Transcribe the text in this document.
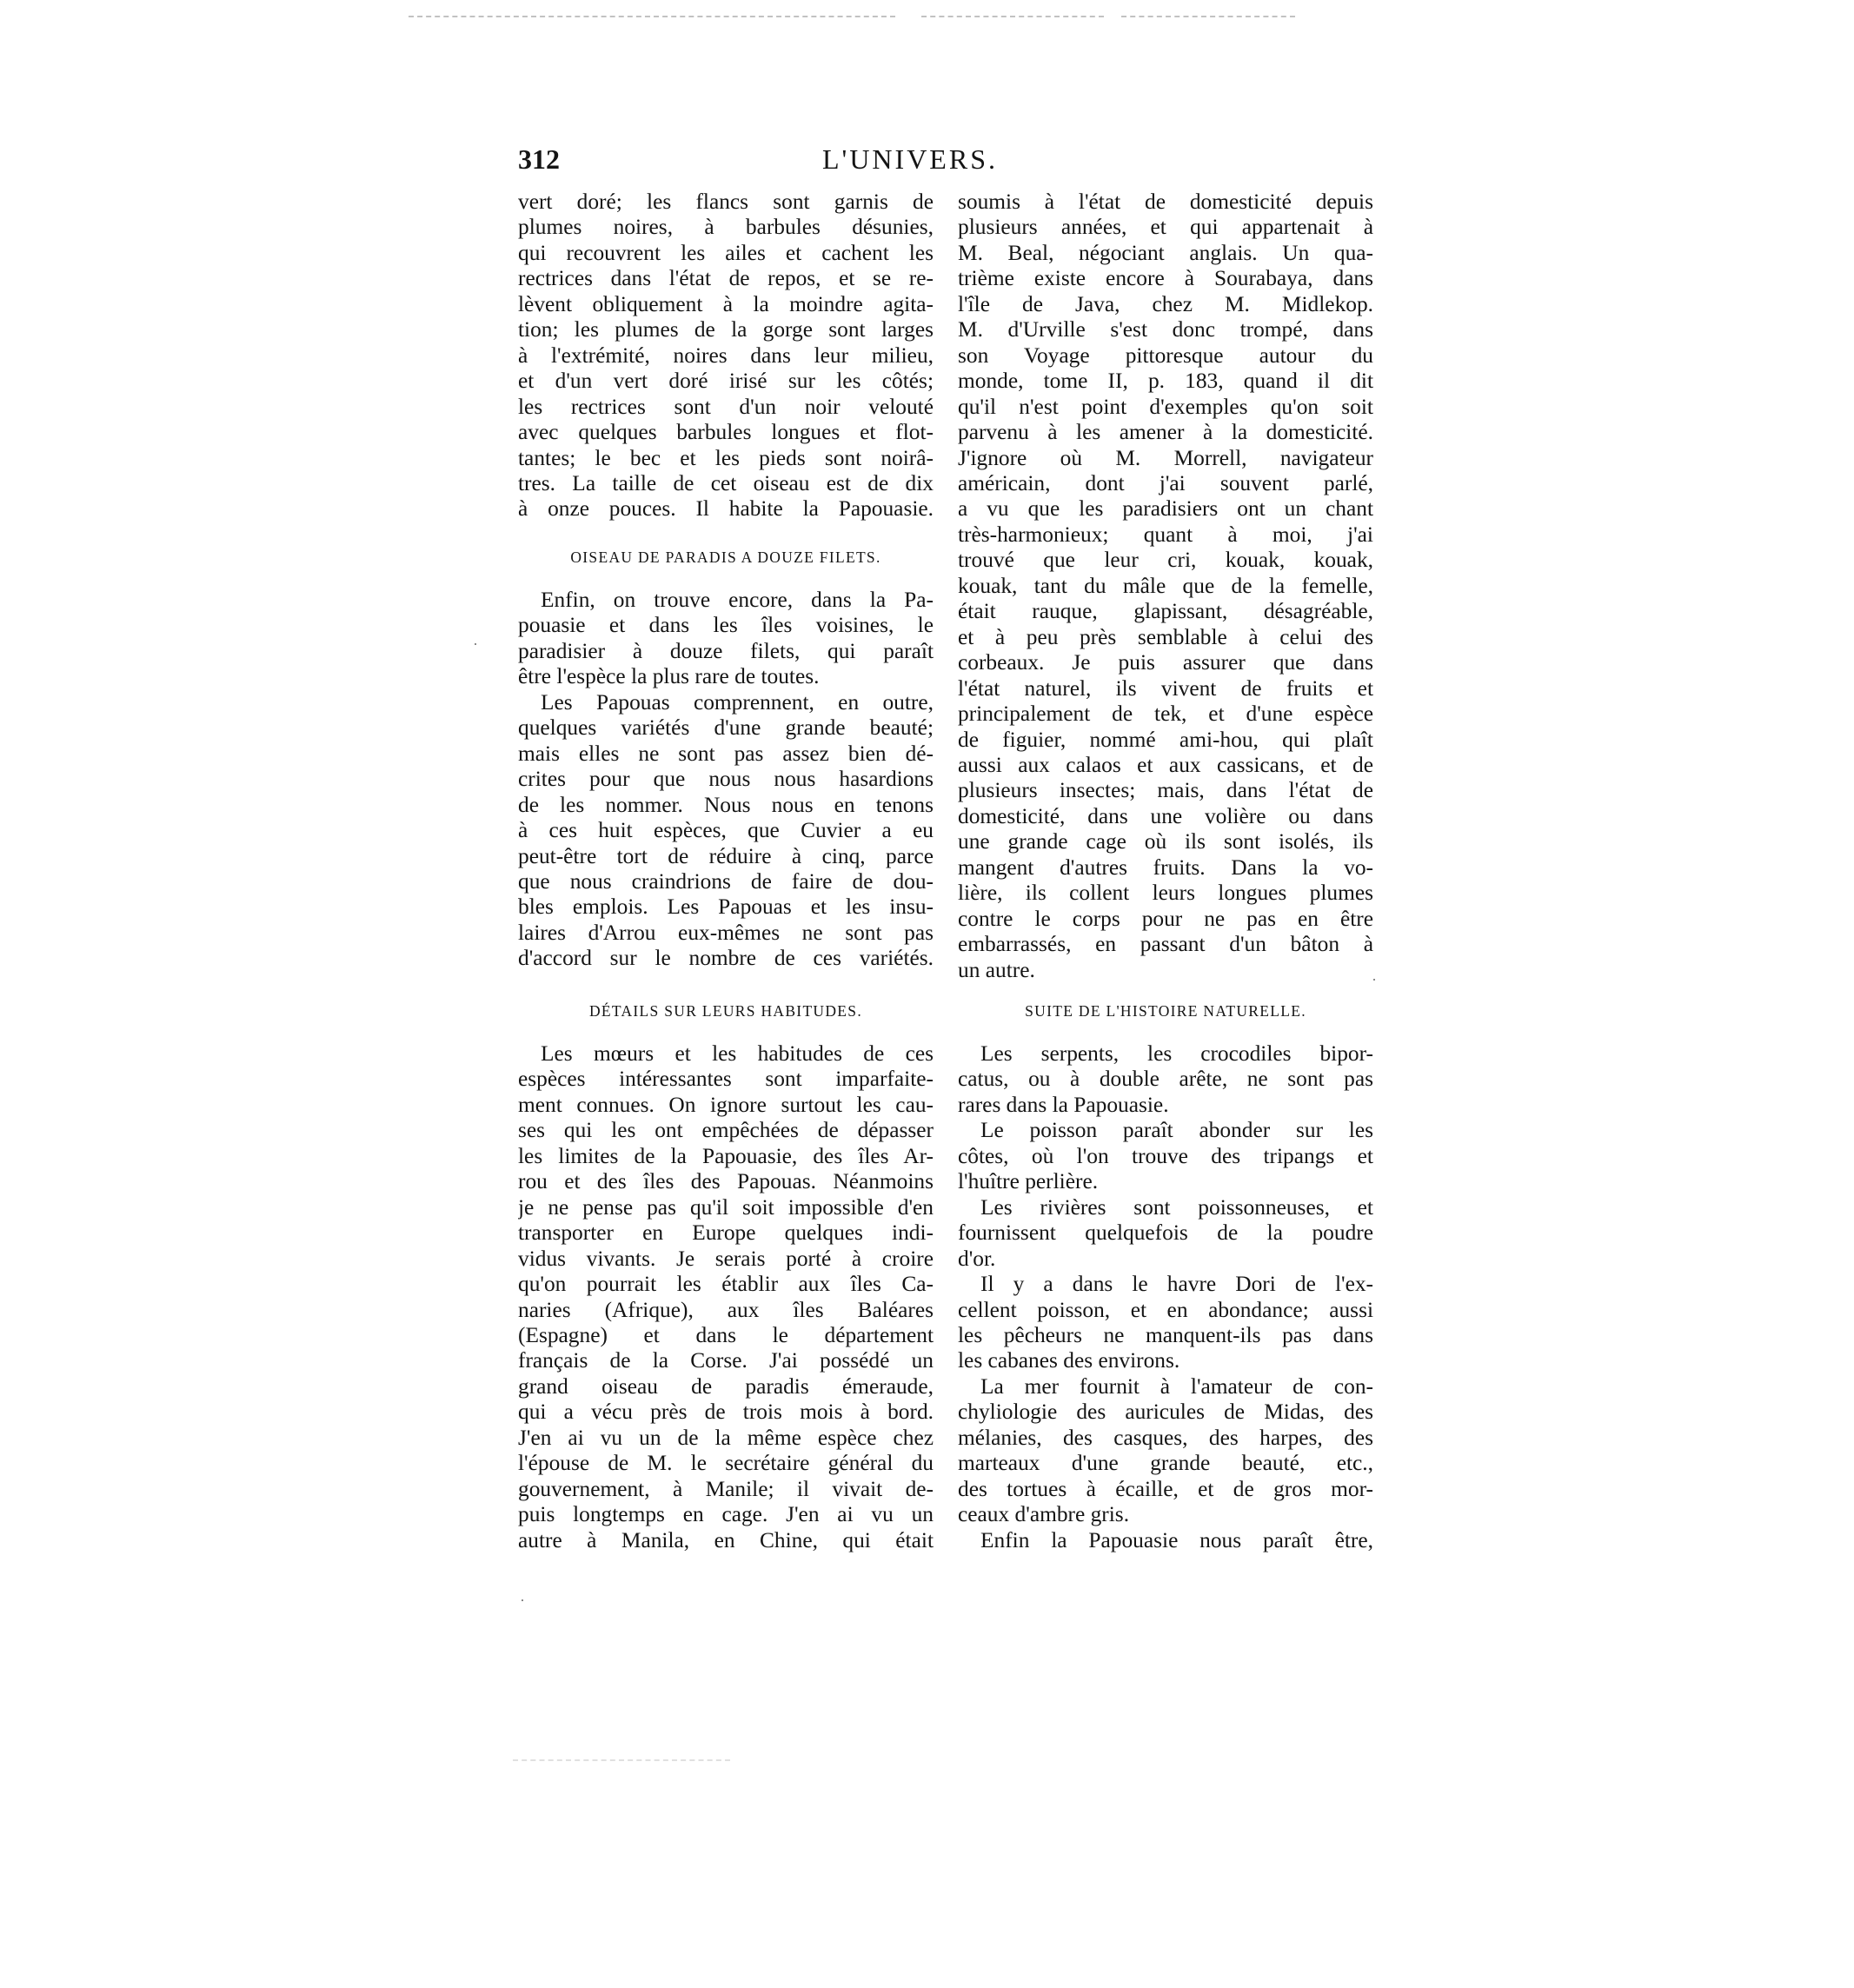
312	L'UNIVERS.

vert doré; les flancs sont garnis de

plumes noires, à barbules désunies,

qui recouvrent les ailes et cachent les

rectrices dans l'état de repos, et se re-

lèvent obliquement à la moindre agita-

tion; les plumes de la gorge sont larges

à l'extrémité, noires dans leur milieu,

et d'un vert doré irisé sur les côtés;

les rectrices sont d'un noir velouté

avec quelques barbules longues et flot-

tantes; le bec et les pieds sont noirâ-

tres. La taille de cet oiseau est de dix

à onze pouces. Il habite la Papouasie.

OISEAU DE PARADIS A DOUZE FILETS.

Enfin, on trouve encore, dans la Pa-

pouasie et dans les îles voisines, le

paradisier à douze filets, qui paraît

être l'espèce la plus rare de toutes.

Les Papouas comprennent, en outre,

quelques variétés d'une grande beauté;

mais elles ne sont pas assez bien dé-

crites pour que nous nous hasardions

de les nommer. Nous nous en tenons

à ces huit espèces, que Cuvier a eu

peut-être tort de réduire à cinq, parce

que nous craindrions de faire de dou-

bles emplois. Les Papouas et les insu-

laires d'Arrou eux-mêmes ne sont pas

d'accord sur le nombre de ces variétés.

DÉTAILS SUR LEURS HABITUDES.

Les mœurs et les habitudes de ces

espèces intéressantes sont imparfaite-

ment connues. On ignore surtout les cau-

ses qui les ont empêchées de dépasser

les limites de la Papouasie, des îles Ar-

rou et des îles des Papouas. Néanmoins

je ne pense pas qu'il soit impossible d'en

transporter en Europe quelques indi-

vidus vivants. Je serais porté à croire

qu'on pourrait les établir aux îles Ca-

naries (Afrique), aux îles Baléares

(Espagne) et dans le département

français de la Corse. J'ai possédé un

grand oiseau de paradis émeraude,

qui a vécu près de trois mois à bord.

J'en ai vu un de la même espèce chez

l'épouse de M. le secrétaire général du

gouvernement, à Manile; il vivait de-

puis longtemps en cage. J'en ai vu un

autre à Manila, en Chine, qui était

soumis à l'état de domesticité depuis

plusieurs années, et qui appartenait à

M. Beal, négociant anglais. Un qua-

trième existe encore à Sourabaya, dans

l'île de Java, chez M. Midlekop.

M. d'Urville s'est donc trompé, dans

son Voyage pittoresque autour du

monde, tome II, p. 183, quand il dit

qu'il n'est point d'exemples qu'on soit

parvenu à les amener à la domesticité.

J'ignore où M. Morrell, navigateur

américain, dont j'ai souvent parlé,

a vu que les paradisiers ont un chant

très-harmonieux; quant à moi, j'ai

trouvé que leur cri, kouak, kouak,

kouak, tant du mâle que de la femelle,

était rauque, glapissant, désagréable,

et à peu près semblable à celui des

corbeaux. Je puis assurer que dans

l'état naturel, ils vivent de fruits et

principalement de tek, et d'une espèce

de figuier, nommé ami-hou, qui plaît

aussi aux calaos et aux cassicans, et de

plusieurs insectes; mais, dans l'état de

domesticité, dans une volière ou dans

une grande cage où ils sont isolés, ils

mangent d'autres fruits. Dans la vo-

lière, ils collent leurs longues plumes

contre le corps pour ne pas en être

embarrassés, en passant d'un bâton à

un autre.

SUITE DE L'HISTOIRE NATURELLE.

Les serpents, les crocodiles bipor-

catus, ou à double arête, ne sont pas

rares dans la Papouasie.

Le poisson paraît abonder sur les

côtes, où l'on trouve des tripangs et

l'huître perlière.

Les rivières sont poissonneuses, et

fournissent quelquefois de la poudre

d'or.

Il y a dans le havre Dori de l'ex-

cellent poisson, et en abondance; aussi

les pêcheurs ne manquent-ils pas dans

les cabanes des environs.

La mer fournit à l'amateur de con-

chyliologie des auricules de Midas, des

mélanies, des casques, des harpes, des

marteaux d'une grande beauté, etc.,

des tortues à écaille, et de gros mor-

ceaux d'ambre gris.

Enfin la Papouasie nous paraît être,
